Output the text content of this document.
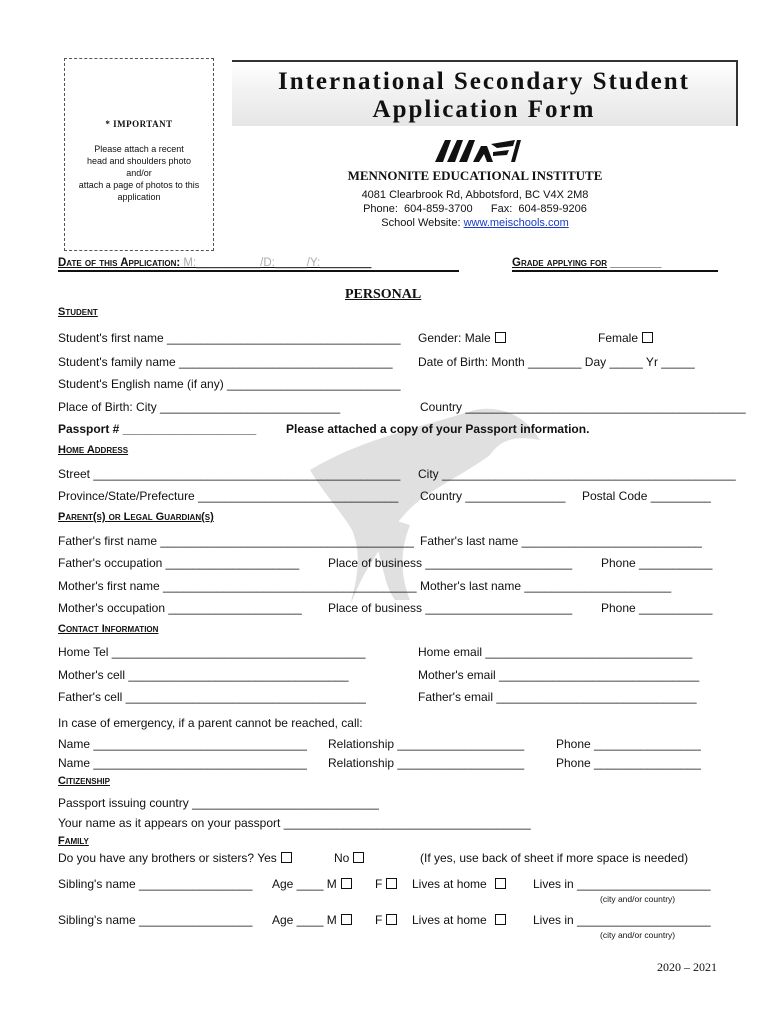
* IMPORTANT
Please attach a recent
head and shoulders photo
and/or
attach a page of photos to this
application
International Secondary Student
Application Form
MENNONITE EDUCATIONAL INSTITUTE
4081 Clearbrook Rd, Abbotsford, BC V4X 2M8
Phone:  604-859-3700      Fax:  604-859-9206
School Website: www.meischools.com
Date of this Application: M:__________/D:_____/Y:________	Grade applying for ________
PERSONAL
Student
Student's first name ___________________________________ Gender: Male	Female
Student's family name ________________________________ Date of Birth: Month ________ Day _____ Yr _____
Student's English name (if any) __________________________
Place of Birth: City ___________________________	Country __________________________________________
Passport # ____________________ Please attached a copy of your Passport information.
Home Address
Street ______________________________________________ City ____________________________________________
Province/State/Prefecture ______________________________ Country _______________ Postal Code _________
Parent(s) or Legal Guardian(s)
Father's first name ______________________________________ Father's last name ___________________________
Father's occupation ____________________ Place of business ______________________ Phone ___________
Mother's first name ______________________________________ Mother's last name ______________________
Mother's occupation ____________________ Place of business ______________________ Phone ___________
Contact Information
Home Tel ______________________________________	Home email _______________________________
Mother's cell _________________________________	Mother's email ______________________________
Father's cell ____________________________________	Father's email ______________________________
In case of emergency, if a parent cannot be reached, call:
Name ________________________________ Relationship ___________________	Phone ________________
Name ________________________________ Relationship ___________________	Phone ________________
Citizenship
Passport issuing country ____________________________
Your name as it appears on your passport _____________________________________
Family
Do you have any brothers or sisters? Yes	No	(If yes, use back of sheet if more space is needed)
Sibling's name _________________ Age ____ M	F	Lives at home	Lives in ____________________
(city and/or country)
Sibling's name _________________ Age ____ M	F	Lives at home	Lives in ____________________
(city and/or country)
2020 – 2021
